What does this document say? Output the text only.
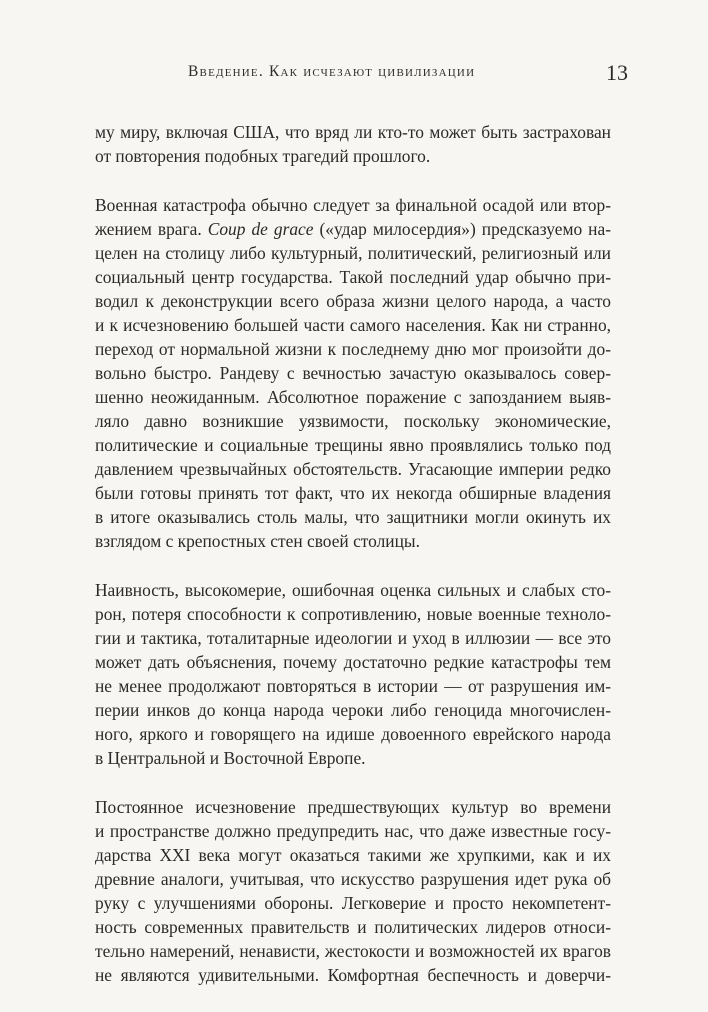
Введение. Как исчезают цивилизации	13
му миру, включая США, что вряд ли кто-то может быть застрахован
от повторения подобных трагедий прошлого.
Военная катастрофа обычно следует за финальной осадой или втор-
жением врага. Coup de grace («удар милосердия») предсказуемо на-
целен на столицу либо культурный, политический, религиозный или
социальный центр государства. Такой последний удар обычно при-
водил к деконструкции всего образа жизни целого народа, а часто
и к исчезновению большей части самого населения. Как ни странно,
переход от нормальной жизни к последнему дню мог произойти до-
вольно быстро. Рандеву с вечностью зачастую оказывалось совер-
шенно неожиданным. Абсолютное поражение с запозданием выяв-
ляло давно возникшие уязвимости, поскольку экономические,
политические и социальные трещины явно проявлялись только под
давлением чрезвычайных обстоятельств. Угасающие империи редко
были готовы принять тот факт, что их некогда обширные владения
в итоге оказывались столь малы, что защитники могли окинуть их
взглядом с крепостных стен своей столицы.
Наивность, высокомерие, ошибочная оценка сильных и слабых сто-
рон, потеря способности к сопротивлению, новые военные техноло-
гии и тактика, тоталитарные идеологии и уход в иллюзии — все это
может дать объяснения, почему достаточно редкие катастрофы тем
не менее продолжают повторяться в истории — от разрушения им-
перии инков до конца народа чероки либо геноцида многочислен-
ного, яркого и говорящего на идише довоенного еврейского народа
в Центральной и Восточной Европе.
Постоянное исчезновение предшествующих культур во времени
и пространстве должно предупредить нас, что даже известные госу-
дарства XXI века могут оказаться такими же хрупкими, как и их
древние аналоги, учитывая, что искусство разрушения идет рука об
руку с улучшениями обороны. Легковерие и просто некомпетент-
ность современных правительств и политических лидеров относи-
тельно намерений, ненависти, жестокости и возможностей их врагов
не являются удивительными. Комфортная беспечность и доверчи-
